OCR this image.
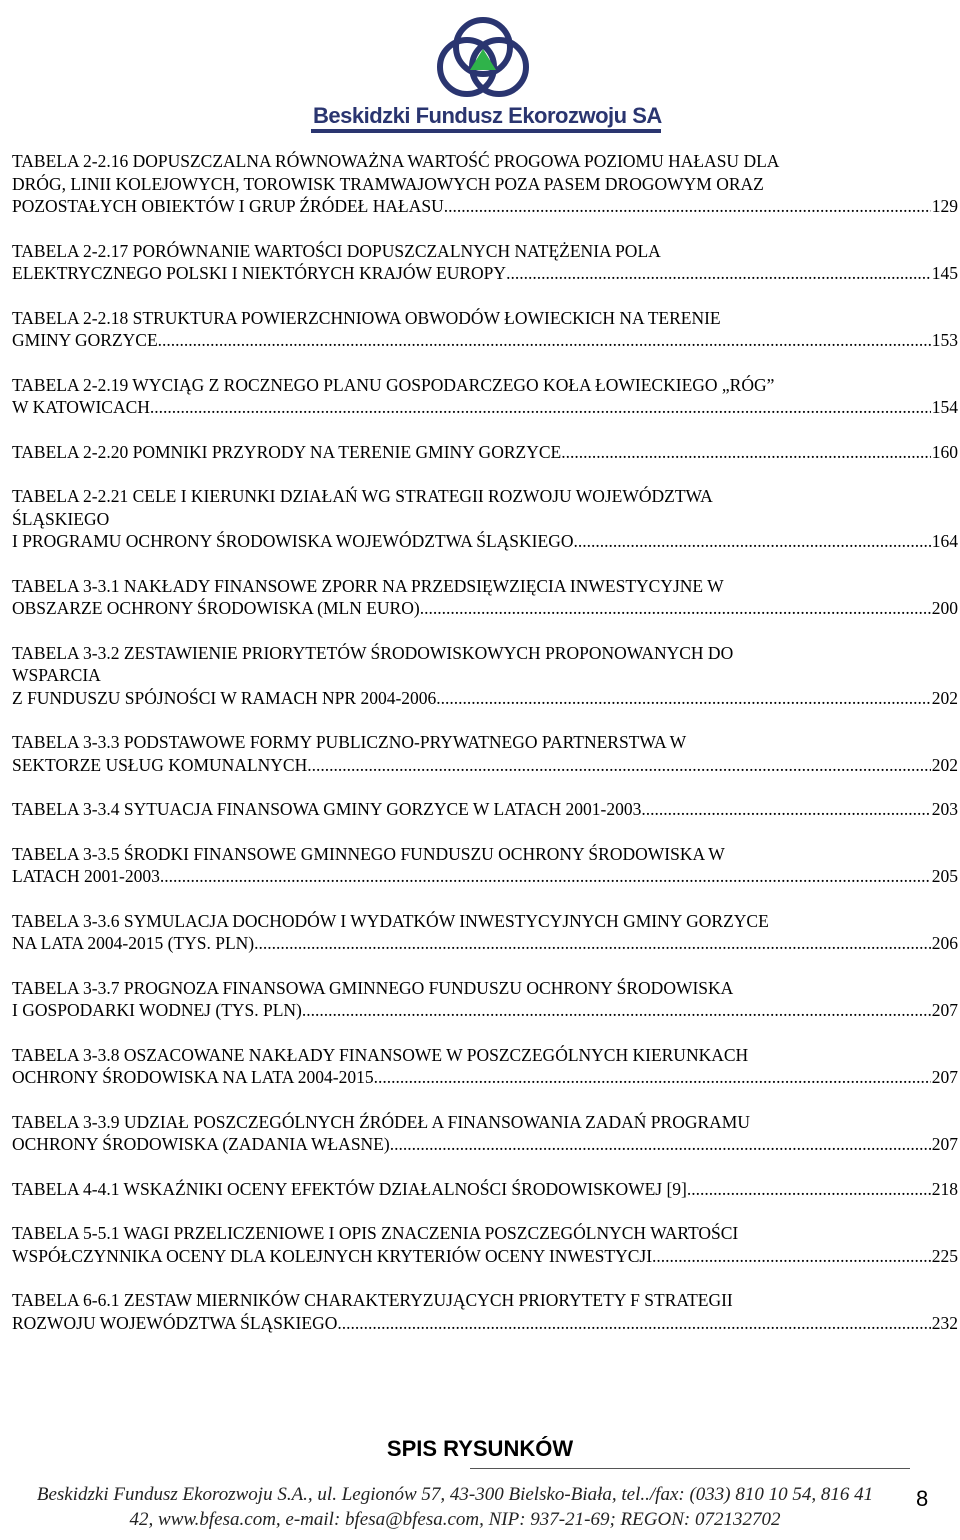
Beskidzki Fundusz Ekorozwoju SA
TABELA 2-2.16 DOPUSZCZALNA RÓWNOWAŻNA WARTOŚĆ PROGOWA POZIOMU HAŁASU DLA
DRÓG, LINII KOLEJOWYCH, TOROWISK TRAMWAJOWYCH POZA PASEM DROGOWYM ORAZ
POZOSTAŁYCH OBIEKTÓW I GRUP ŹRÓDEŁ HAŁASU .....	129
TABELA 2-2.17 PORÓWNANIE WARTOŚCI DOPUSZCZALNYCH NATĘŻENIA POLA
ELEKTRYCZNEGO POLSKI I NIEKTÓRYCH KRAJÓW EUROPY .....	145
TABELA 2-2.18 STRUKTURA POWIERZCHNIOWA OBWODÓW ŁOWIECKICH NA TERENIE
GMINY GORZYCE .....	153
TABELA 2-2.19 WYCIĄG Z ROCZNEGO PLANU GOSPODARCZEGO KOŁA ŁOWIECKIEGO „RÓG”
W KATOWICACH .....	154
TABELA 2-2.20 POMNIKI PRZYRODY NA TERENIE GMINY GORZYCE .....	160
TABELA 2-2.21 CELE I KIERUNKI DZIAŁAŃ WG STRATEGII ROZWOJU WOJEWÓDZTWA
ŚLĄSKIEGO
I PROGRAMU OCHRONY ŚRODOWISKA WOJEWÓDZTWA ŚLĄSKIEGO .....	164
TABELA 3-3.1 NAKŁADY FINANSOWE ZPORR NA PRZEDSIĘWZIĘCIA INWESTYCYJNE W
OBSZARZE OCHRONY ŚRODOWISKA (MLN EURO) .....	200
TABELA 3-3.2 ZESTAWIENIE PRIORYTETÓW ŚRODOWISKOWYCH PROPONOWANYCH DO
WSPARCIA
Z FUNDUSZU SPÓJNOŚCI W RAMACH NPR 2004-2006 .....	202
TABELA 3-3.3 PODSTAWOWE FORMY PUBLICZNO-PRYWATNEGO PARTNERSTWA W
SEKTORZE USŁUG KOMUNALNYCH .....	202
TABELA 3-3.4 SYTUACJA FINANSOWA GMINY GORZYCE W LATACH 2001-2003 .....	203
TABELA 3-3.5 ŚRODKI FINANSOWE GMINNEGO FUNDUSZU OCHRONY ŚRODOWISKA W
LATACH 2001-2003 .....	205
TABELA 3-3.6 SYMULACJA DOCHODÓW I WYDATKÓW INWESTYCYJNYCH GMINY GORZYCE
NA LATA 2004-2015 (TYS. PLN) .....	206
TABELA 3-3.7 PROGNOZA FINANSOWA GMINNEGO FUNDUSZU OCHRONY ŚRODOWISKA
I GOSPODARKI WODNEJ (TYS. PLN) .....	207
TABELA 3-3.8 OSZACOWANE NAKŁADY FINANSOWE W POSZCZEGÓLNYCH KIERUNKACH
OCHRONY ŚRODOWISKA NA LATA 2004-2015 .....	207
TABELA 3-3.9 UDZIAŁ POSZCZEGÓLNYCH ŹRÓDEŁ A FINANSOWANIA ZADAŃ PROGRAMU
OCHRONY ŚRODOWISKA (ZADANIA WŁASNE) .....	207
TABELA 4-4.1 WSKAŹNIKI OCENY EFEKTÓW DZIAŁALNOŚCI ŚRODOWISKOWEJ [9] .....	218
TABELA 5-5.1 WAGI PRZELICZENIOWE I OPIS ZNACZENIA POSZCZEGÓLNYCH WARTOŚCI
WSPÓŁCZYNNIKA OCENY DLA KOLEJNYCH KRYTERIÓW OCENY INWESTYCJI .....	225
TABELA 6-6.1 ZESTAW MIERNIKÓW CHARAKTERYZUJĄCYCH PRIORYTETY F STRATEGII
ROZWOJU WOJEWÓDZTWA ŚLĄSKIEGO .....	232
SPIS RYSUNKÓW
Beskidzki Fundusz Ekorozwoju S.A., ul. Legionów 57, 43-300 Bielsko-Biała, tel../fax: (033) 810 10 54, 816 41
42, www.bfesa.com, e-mail: bfesa@bfesa.com, NIP: 937-21-69; REGON: 072132702
8
